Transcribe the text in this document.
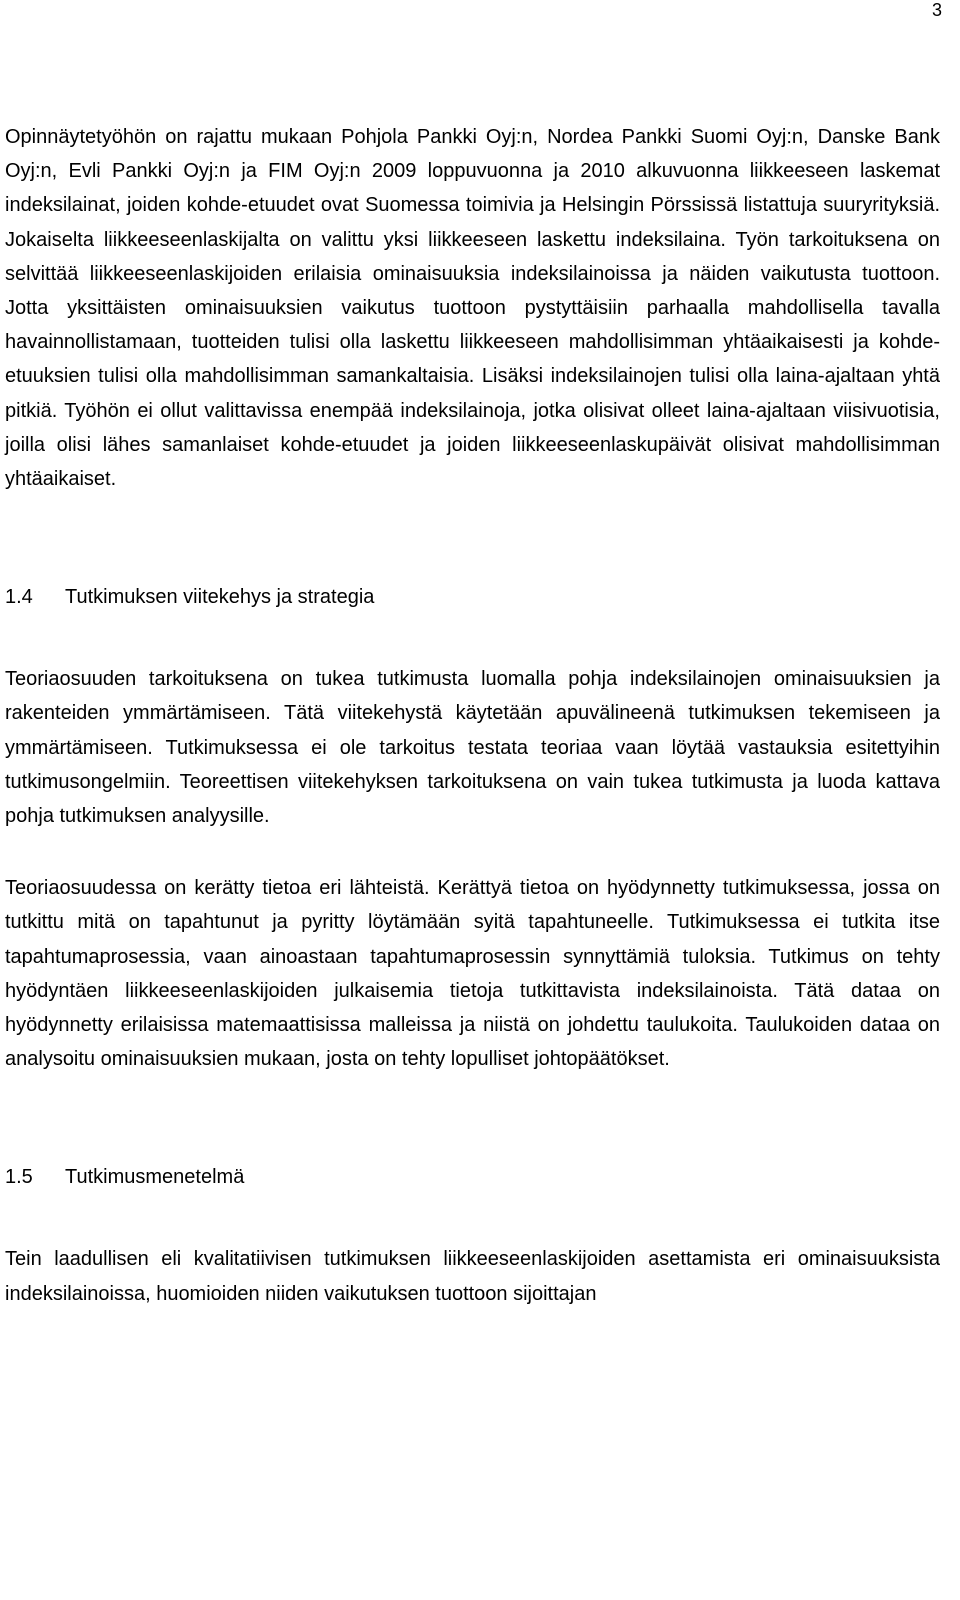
3

Opinnäytetyöhön on rajattu mukaan Pohjola Pankki Oyj:n, Nordea Pankki Suomi Oyj:n, Danske Bank Oyj:n, Evli Pankki Oyj:n ja FIM Oyj:n 2009 loppuvuonna ja 2010 alkuvuonna liikkeeseen laskemat indeksilainat, joiden kohde-etuudet ovat Suomessa toimivia ja Helsingin Pörssissä listattuja suuryrityksiä. Jokaiselta liikkeeseenlaskijalta on valittu yksi liikkeeseen laskettu indeksilaina. Työn tarkoituksena on selvittää liikkeeseenlaskijoiden erilaisia ominaisuuksia indeksilainoissa ja näiden vaikutusta tuottoon. Jotta yksittäisten ominaisuuksien vaikutus tuottoon pystyttäisiin parhaalla mahdollisella tavalla havainnollistamaan, tuotteiden tulisi olla laskettu liikkeeseen mahdollisimman yhtäaikaisesti ja kohde-etuuksien tulisi olla mahdollisimman samankaltaisia. Lisäksi indeksilainojen tulisi olla laina-ajaltaan yhtä pitkiä. Työhön ei ollut valittavissa enempää indeksilainoja, jotka olisivat olleet laina-ajaltaan viisivuotisia, joilla olisi lähes samanlaiset kohde-etuudet ja joiden liikkeeseenlaskupäivät olisivat mahdollisimman yhtäaikaiset.

1.4	Tutkimuksen viitekehys ja strategia

Teoriaosuuden tarkoituksena on tukea tutkimusta luomalla pohja indeksilainojen ominaisuuksien ja rakenteiden ymmärtämiseen. Tätä viitekehystä käytetään apuvälineenä tutkimuksen tekemiseen ja ymmärtämiseen. Tutkimuksessa ei ole tarkoitus testata teoriaa vaan löytää vastauksia esitettyihin tutkimusongelmiin. Teoreettisen viitekehyksen tarkoituksena on vain tukea tutkimusta ja luoda kattava pohja tutkimuksen analyysille.

Teoriaosuudessa on kerätty tietoa eri lähteistä. Kerättyä tietoa on hyödynnetty tutkimuksessa, jossa on tutkittu mitä on tapahtunut ja pyritty löytämään syitä tapahtuneelle. Tutkimuksessa ei tutkita itse tapahtumaprosessia, vaan ainoastaan tapahtumaprosessin synnyttämiä tuloksia. Tutkimus on tehty hyödyntäen liikkeeseenlaskijoiden julkaisemia tietoja tutkittavista indeksilainoista. Tätä dataa on hyödynnetty erilaisissa matemaattisissa malleissa ja niistä on johdettu taulukoita. Taulukoiden dataa on analysoitu ominaisuuksien mukaan, josta on tehty lopulliset johtopäätökset.

1.5	Tutkimusmenetelmä

Tein laadullisen eli kvalitatiivisen tutkimuksen liikkeeseenlaskijoiden asettamista eri ominaisuuksista indeksilainoissa, huomioiden niiden vaikutuksen tuottoon sijoittajan
